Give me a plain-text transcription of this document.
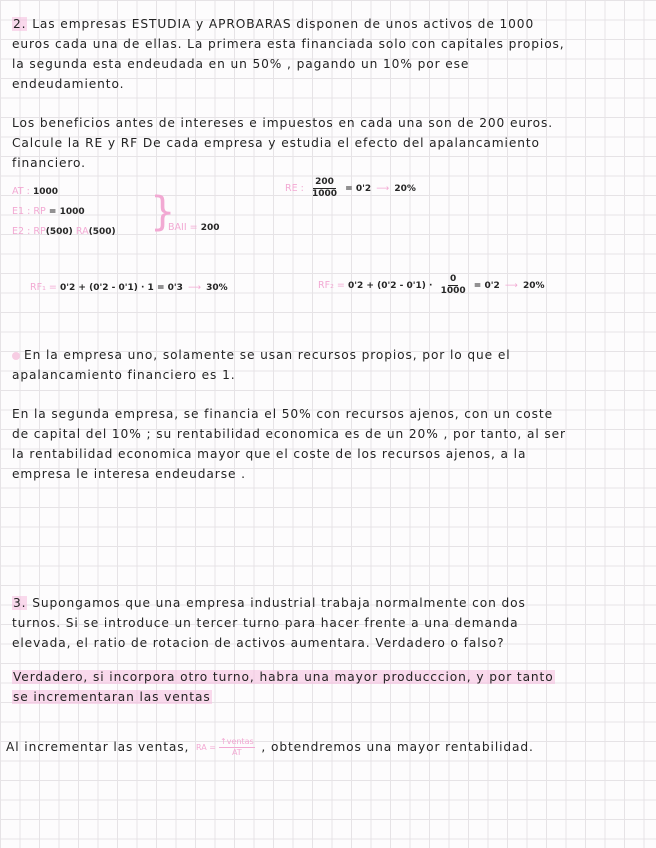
2. Las empresas ESTUDIA y APROBARAS disponen de unos activos de 1000
euros cada una de ellas. La primera esta financiada solo con capitales propios,
la segunda esta endeudada en un 50% , pagando un 10% por ese
endeudamiento.
Los beneficios antes de intereses e impuestos en cada una son de 200 euros.
Calcule la RE y RF De cada empresa y estudia el efecto del apalancamiento
financiero.
AT : 1000
E1 : RP = 1000
E2 : RP(500) RA(500) }
BAII = 200
RE : $\frac{200}{1000} = 0'2$ ⟶ 20%
RF₁ = 0'2 + (0'2 - 0'1) · 1 = 0'3 ⟶ 30%	$RF_2 = 0'2 + (0'2 - 0'1) \cdot \frac{0}{1000} = 0'2$ ⟶ 20%
En la empresa uno, solamente se usan recursos propios, por lo que el
apalancamiento financiero es 1.
En la segunda empresa, se financia el 50% con recursos ajenos, con un coste
de capital del 10% ; su rentabilidad economica es de un 20% , por tanto, al ser
la rentabilidad economica mayor que el coste de los recursos ajenos, a la
empresa le interesa endeudarse .
3. Supongamos que una empresa industrial trabaja normalmente con dos
turnos. Si se introduce un tercer turno para hacer frente a una demanda
elevada, el ratio de rotacion de activos aumentara. Verdadero o falso?
Verdadero, si incorpora otro turno, habra una mayor producccion, y por tanto
se incrementaran las ventas
Al incrementar las ventas, RA = $\frac{\text{↑ventas}}{AT}$ , obtendremos una mayor rentabilidad.
